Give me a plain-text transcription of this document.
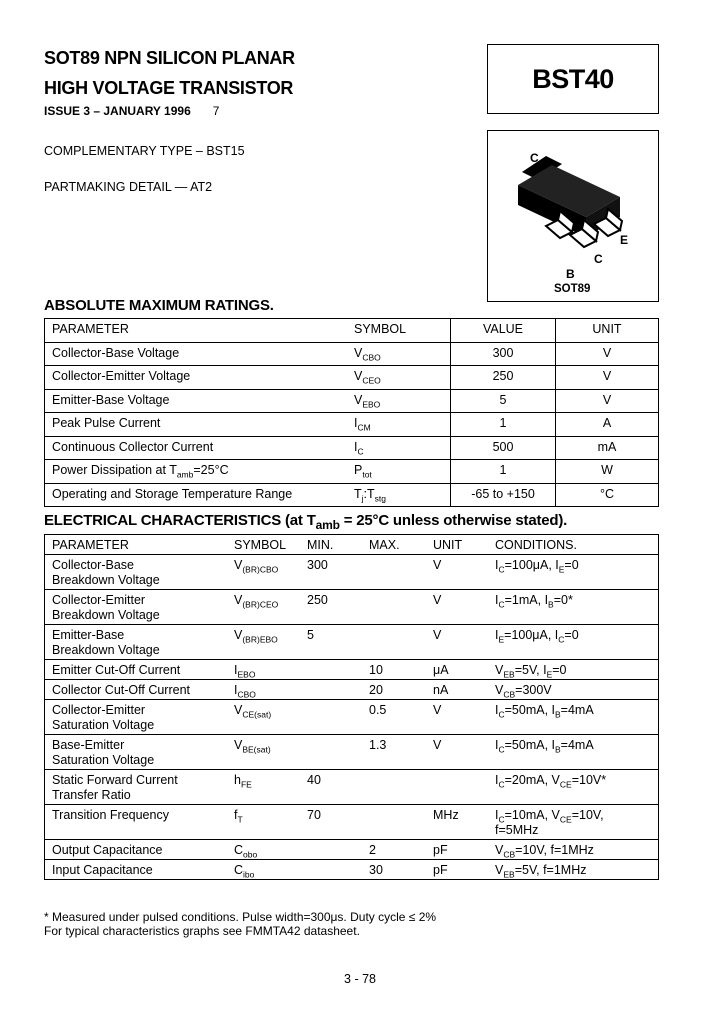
SOT89 NPN SILICON PLANAR
HIGH VOLTAGE TRANSISTOR
ISSUE 3 – JANUARY 1996 7
BST40
COMPLEMENTARY TYPE – BST15
PARTMAKING DETAIL — AT2
C
E
C
B
SOT89
ABSOLUTE MAXIMUM RATINGS.
PARAMETER	SYMBOL	VALUE	UNIT
Collector-Base Voltage	$V_{CBO}$	300	V
Collector-Emitter Voltage	$V_{CEO}$	250	V
Emitter-Base Voltage	$V_{EBO}$	5	V
Peak Pulse Current	$I_{CM}$	1	A
Continuous Collector Current	$I_C$	500	mA
Power Dissipation at $T_{amb}=25^\circ C$	$P_{tot}$	1	W
Operating and Storage Temperature Range	$T_j:T_{stg}$	-65 to +150	°C
ELECTRICAL CHARACTERISTICS (at $T_{amb} = 25^\circ C$ unless otherwise stated).
PARAMETER	SYMBOL	MIN.	MAX.	UNIT	CONDITIONS.

Collector-Base
Breakdown Voltage	$V_{(BR)CBO}$	300		V	$I_C=100\mu A$, $I_E=0$

Collector-Emitter
Breakdown Voltage	$V_{(BR)CEO}$	250		V	$I_C=1mA$, $I_B=0*$

Emitter-Base
Breakdown Voltage	$V_{(BR)EBO}$	5		V	$I_E=100\mu A$, $I_C=0$

Emitter Cut-Off Current	$I_{EBO}$		10	μA	$V_{EB}=5V$, $I_E=0$

Collector Cut-Off Current	$I_{CBO}$		20	nA	$V_{CB}=300V$

Collector-Emitter
Saturation Voltage	$V_{CE(sat)}$		0.5	V	$I_C=50mA$, $I_B=4mA$

Base-Emitter
Saturation Voltage	$V_{BE(sat)}$		1.3	V	$I_C=50mA$, $I_B=4mA$

Static Forward Current
Transfer Ratio	$h_{FE}$	40			$I_C=20mA$, $V_{CE}=10V*$

Transition Frequency	$f_T$	70		MHz	$I_C=10mA$, $V_{CE}=10V$,
f=5MHz

Output Capacitance	$C_{obo}$		2	pF	$V_{CB}=10V$, f=1MHz

Input Capacitance	$C_{ibo}$		30	pF	$V_{EB}=5V$, f=1MHz
* Measured under pulsed conditions. Pulse width=300μs. Duty cycle ≤ 2%
For typical characteristics graphs see FMMTA42 datasheet.
3 - 78
